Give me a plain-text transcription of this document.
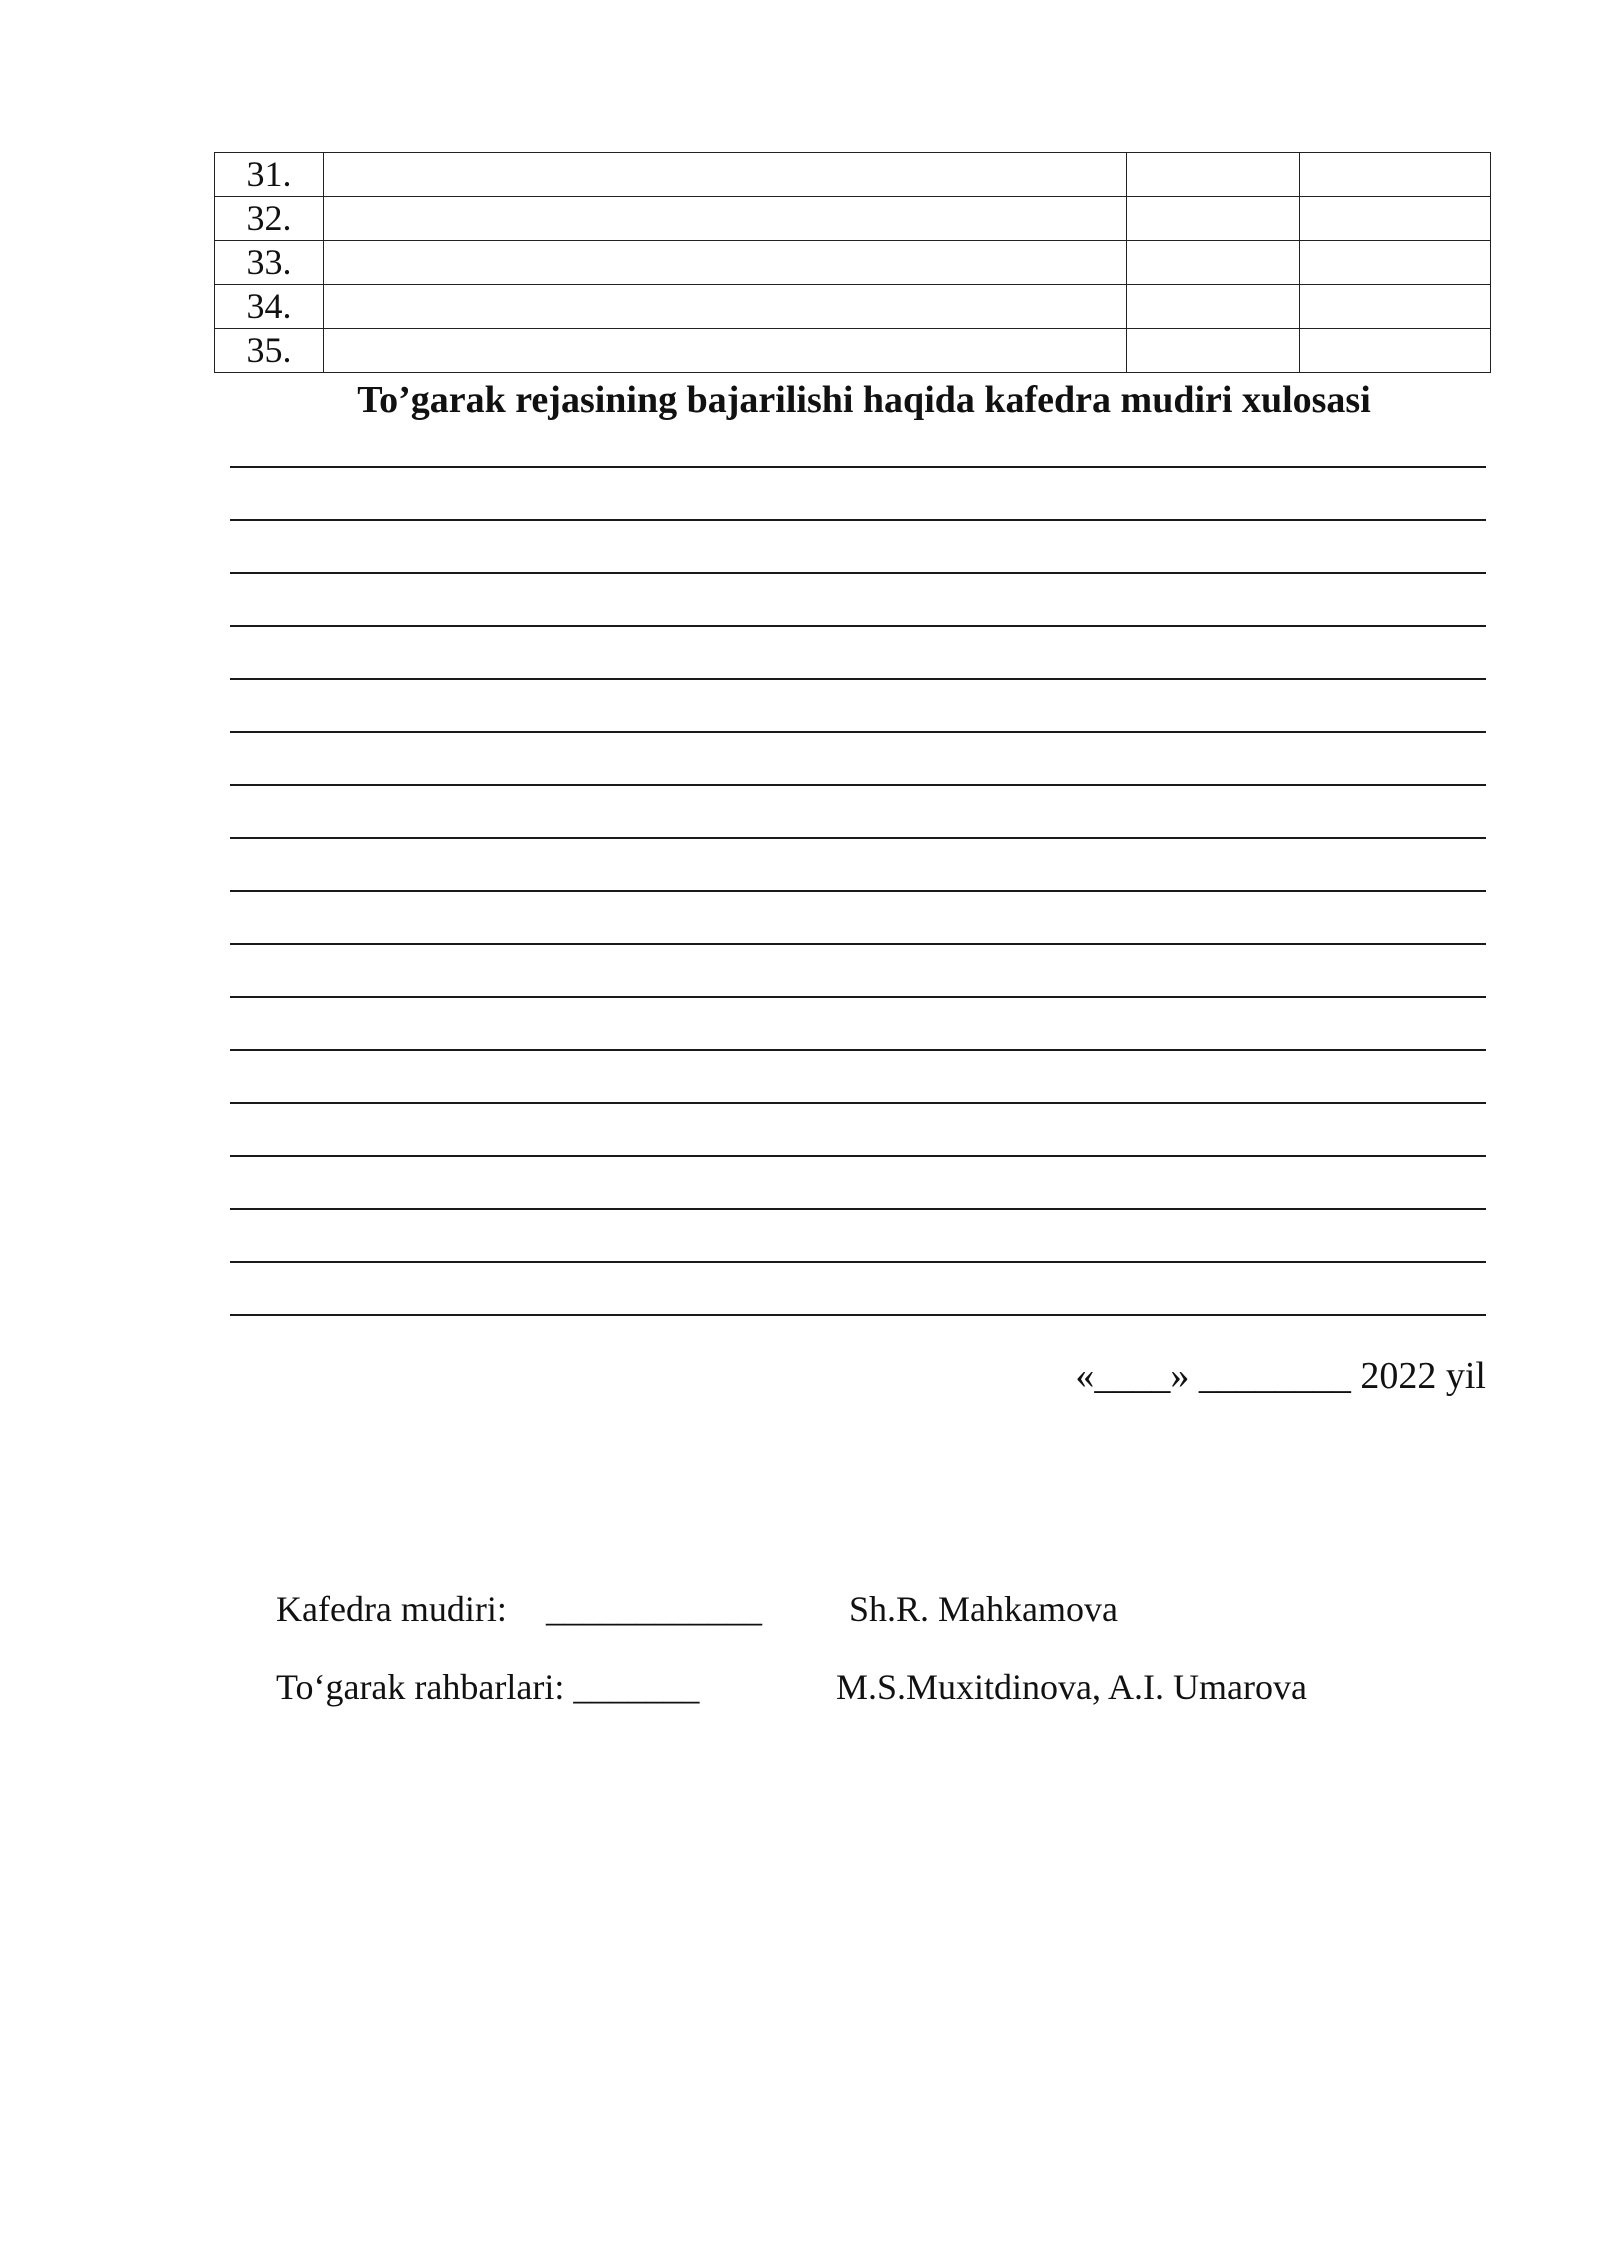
31.			
32.			
33.			
34.			
35.			
To’garak rejasining bajarilishi haqida kafedra mudiri xulosasi
«____» ________ 2022 yil
Kafedra mudiri: ____________ Sh.R. Mahkamova
To‘garak rahbarlari: _______	M.S.Muxitdinova, A.I. Umarova
